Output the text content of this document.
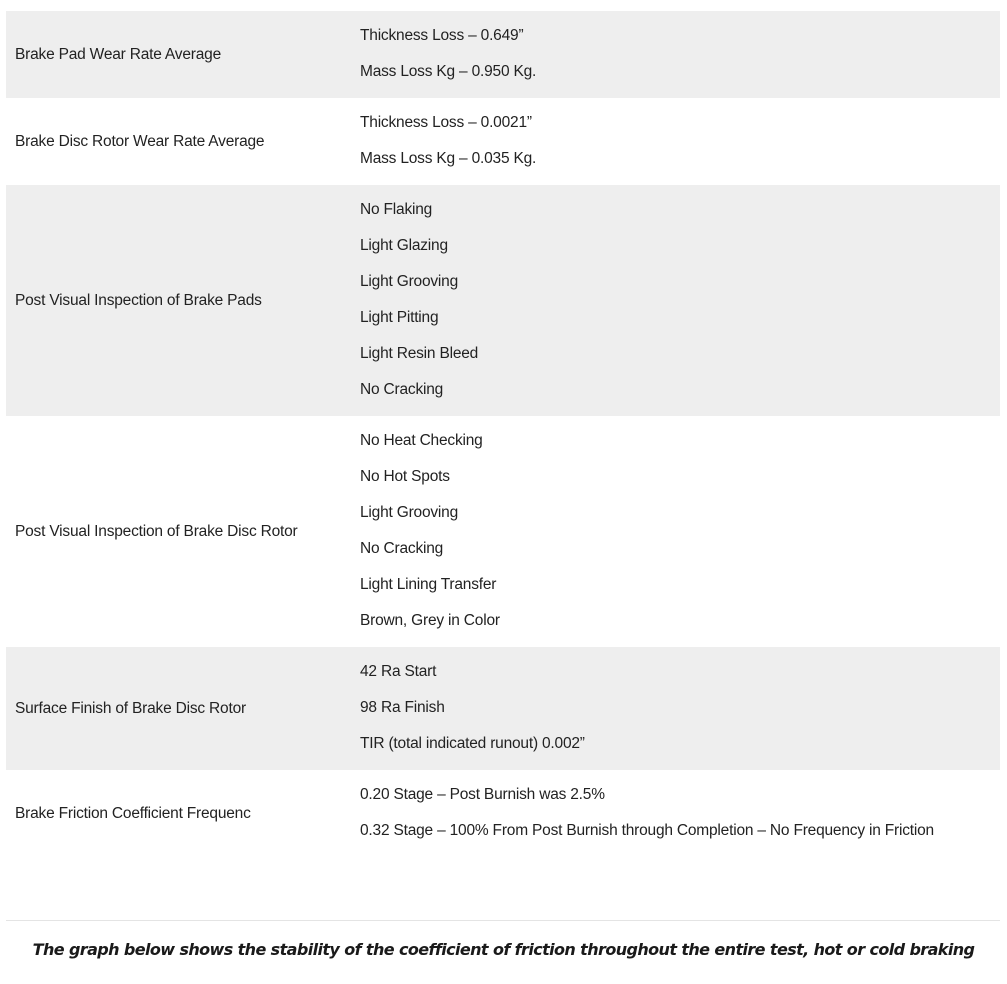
Brake Pad Wear Rate Average
Thickness Loss – 0.649”
Mass Loss Kg – 0.950 Kg.
Brake Disc Rotor Wear Rate Average
Thickness Loss – 0.0021”
Mass Loss Kg – 0.035 Kg.
Post Visual Inspection of Brake Pads
No Flaking
Light Glazing
Light Grooving
Light Pitting
Light Resin Bleed
No Cracking
Post Visual Inspection of Brake Disc Rotor
No Heat Checking
No Hot Spots
Light Grooving
No Cracking
Light Lining Transfer
Brown, Grey in Color
Surface Finish of Brake Disc Rotor
42 Ra Start
98 Ra Finish
TIR (total indicated runout) 0.002”
Brake Friction Coefficient Frequenc
0.20 Stage – Post Burnish was 2.5%
0.32 Stage – 100% From Post Burnish through Completion – No Frequency in Friction
The graph below shows the stability of the coefficient of friction throughout the entire test, hot or cold braking
